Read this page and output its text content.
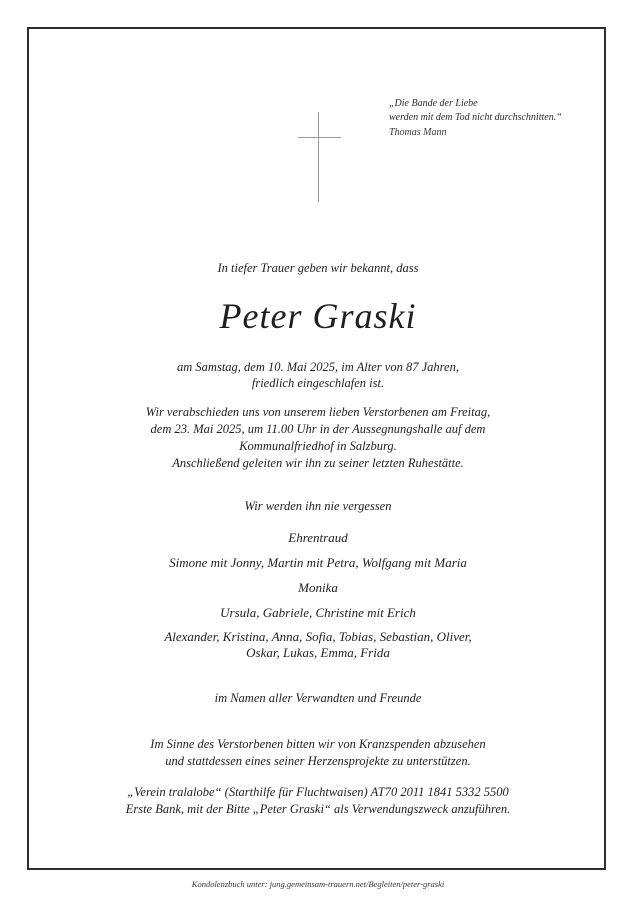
„Die Bande der Liebe
werden mit dem Tod nicht durchschnitten.“
Thomas Mann
In tiefer Trauer geben wir bekannt, dass
Peter Graski
am Samstag, dem 10. Mai 2025, im Alter von 87 Jahren,
friedlich eingeschlafen ist.
Wir verabschieden uns von unserem lieben Verstorbenen am Freitag,
dem 23. Mai 2025, um 11.00 Uhr in der Aussegnungshalle auf dem
Kommunalfriedhof in Salzburg.
Anschließend geleiten wir ihn zu seiner letzten Ruhestätte.
Wir werden ihn nie vergessen
Ehrentraud
Simone mit Jonny, Martin mit Petra, Wolfgang mit Maria
Monika
Ursula, Gabriele, Christine mit Erich
Alexander, Kristina, Anna, Sofia, Tobias, Sebastian, Oliver,
Oskar, Lukas, Emma, Frida
im Namen aller Verwandten und Freunde
Im Sinne des Verstorbenen bitten wir von Kranzspenden abzusehen
und stattdessen eines seiner Herzensprojekte zu unterstützen.
„Verein tralalobe“ (Starthilfe für Fluchtwaisen) AT70 2011 1841 5332 5500
Erste Bank, mit der Bitte „Peter Graski“ als Verwendungszweck anzuführen.
Kondolenzbuch unter: jung.gemeinsam-trauern.net/Begleiten/peter-graski
